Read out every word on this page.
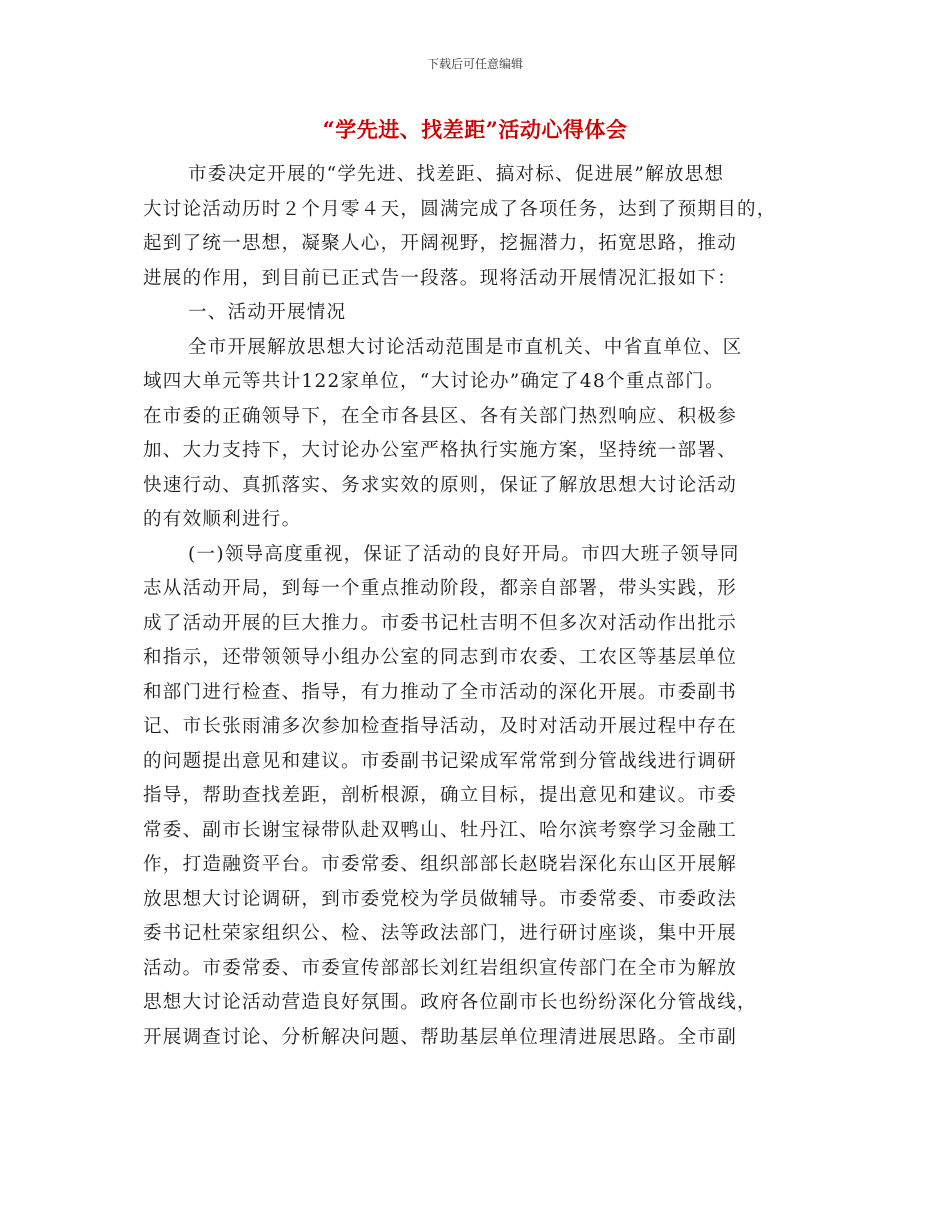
下载后可任意编辑
“学先进、找差距”活动心得体会
市委决定开展的“学先进、找差距、搞对标、促进展”解放思想
大讨论活动历时２个月零４天，圆满完成了各项任务，达到了预期目的，
起到了统一思想，凝聚人心，开阔视野，挖掘潜力，拓宽思路，推动
进展的作用，到目前已正式告一段落。现将活动开展情况汇报如下：
一、活动开展情况
全市开展解放思想大讨论活动范围是市直机关、中省直单位、区
域四大单元等共计122家单位，“大讨论办”确定了48个重点部门。
在市委的正确领导下，在全市各县区、各有关部门热烈响应、积极参
加、大力支持下，大讨论办公室严格执行实施方案，坚持统一部署、
快速行动、真抓落实、务求实效的原则，保证了解放思想大讨论活动
的有效顺利进行。
(一)领导高度重视，保证了活动的良好开局。市四大班子领导同
志从活动开局，到每一个重点推动阶段，都亲自部署，带头实践，形
成了活动开展的巨大推力。市委书记杜吉明不但多次对活动作出批示
和指示，还带领领导小组办公室的同志到市农委、工农区等基层单位
和部门进行检查、指导，有力推动了全市活动的深化开展。市委副书
记、市长张雨浦多次参加检查指导活动，及时对活动开展过程中存在
的问题提出意见和建议。市委副书记梁成军常常到分管战线进行调研
指导，帮助查找差距，剖析根源，确立目标，提出意见和建议。市委
常委、副市长谢宝禄带队赴双鸭山、牡丹江、哈尔滨考察学习金融工
作，打造融资平台。市委常委、组织部部长赵晓岩深化东山区开展解
放思想大讨论调研，到市委党校为学员做辅导。市委常委、市委政法
委书记杜荣家组织公、检、法等政法部门，进行研讨座谈，集中开展
活动。市委常委、市委宣传部部长刘红岩组织宣传部门在全市为解放
思想大讨论活动营造良好氛围。政府各位副市长也纷纷深化分管战线，
开展调查讨论、分析解决问题、帮助基层单位理清进展思路。全市副
